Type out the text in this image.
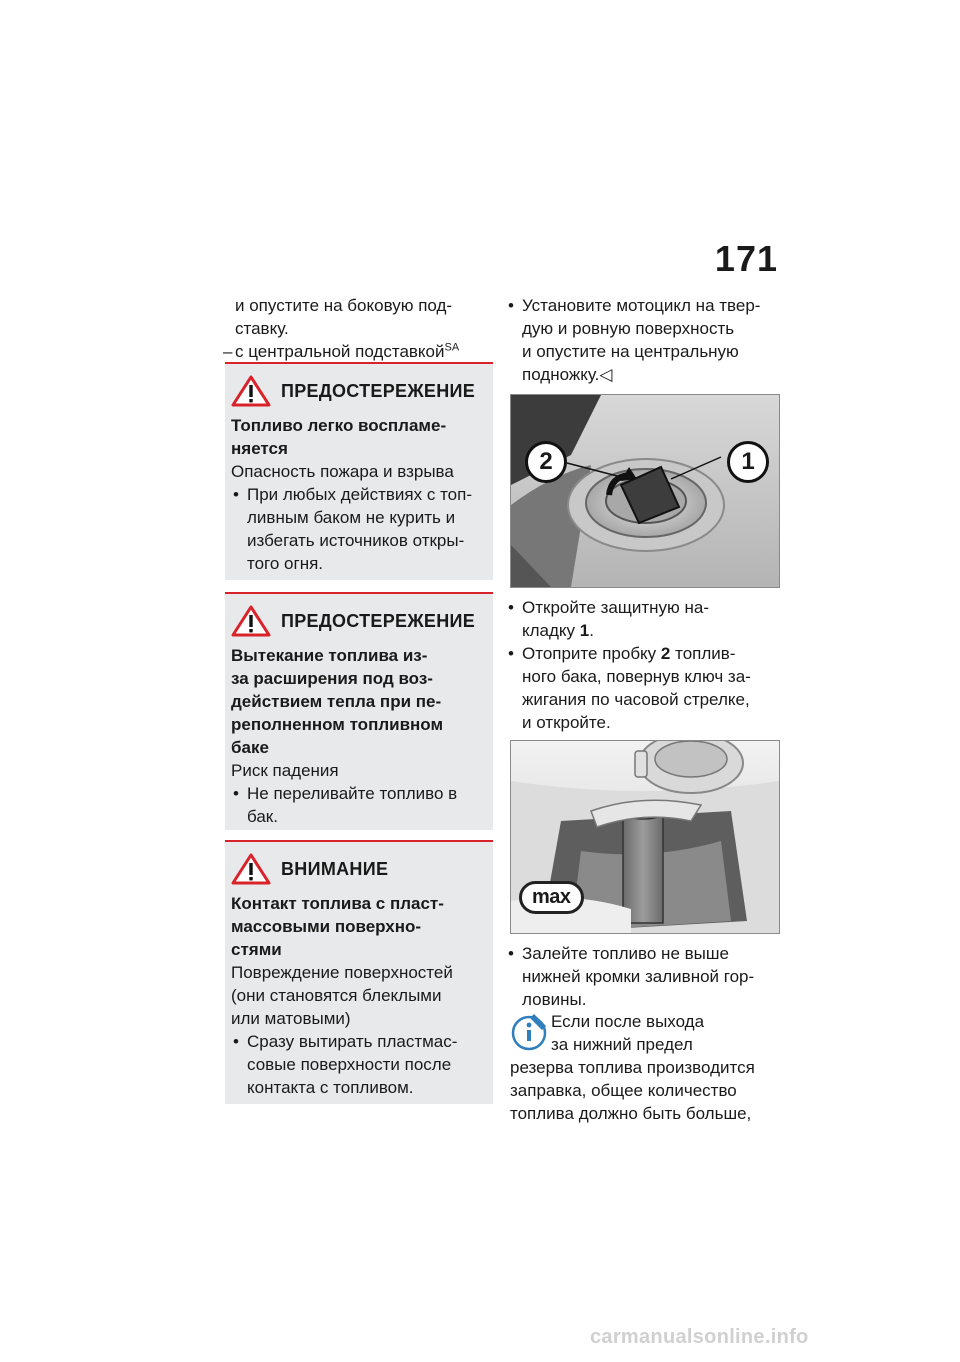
171
и опустите на боковую под-
ставку.
– с центральной подставкой$^{SA}$
ПРЕДОСТЕРЕЖЕНИЕ
Топливо легко воспламе-
няется
Опасность пожара и взрыва
• При любых действиях с топ-
ливным баком не курить и
избегать источников откры-
того огня.
ПРЕДОСТЕРЕЖЕНИЕ
Вытекание топлива из-
за расширения под воз-
действием тепла при пе-
реполненном топливном
баке
Риск падения
• Не переливайте топливо в
бак.
ВНИМАНИЕ
Контакт топлива с пласт-
массовыми поверхно-
стями
Повреждение поверхностей
(они становятся блеклыми
или матовыми)
• Сразу вытирать пластмас-
совые поверхности после
контакта с топливом.
• Установите мотоцикл на твер-
дую и ровную поверхность
и опустите на центральную
подножку.◁
2	1
• Откройте защитную на-
кладку 1.
• Отоприте пробку 2 топлив-
ного бака, повернув ключ за-
жигания по часовой стрелке,
и откройте.
max
• Залейте топливо не выше
нижней кромки заливной гор-
ловины.
Если после выхода
за нижний предел
резерва топлива производится
заправка, общее количество
топлива должно быть больше,
carmanualsonline.info
